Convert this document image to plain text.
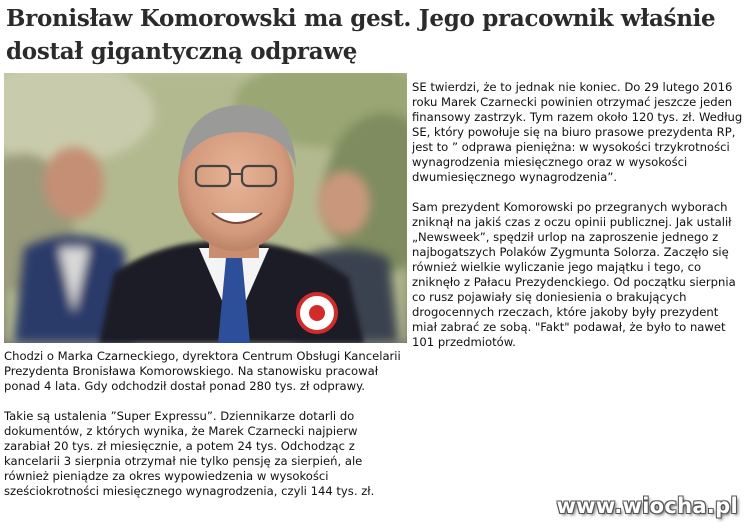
Bronisław Komorowski ma gest. Jego pracownik właśnie dostał gigantyczną odprawę

SE twierdzi, że to jednak nie koniec. Do 29 lutego 2016 roku Marek Czarnecki powinien otrzymać jeszcze jeden finansowy zastrzyk. Tym razem około 120 tys. zł. Według SE, który powołuje się na biuro prasowe prezydenta RP, jest to ” odprawa pieniężna: w wysokości trzykrotności wynagrodzenia miesięcznego oraz w wysokości dwumiesięcznego wynagrodzenia”.

Sam prezydent Komorowski po przegranych wyborach zniknął na jakiś czas z oczu opinii publicznej. Jak ustalił „Newsweek”, spędził urlop na zaproszenie jednego z najbogatszych Polaków Zygmunta Solorza. Zaczęło się również wielkie wyliczanie jego majątku i tego, co zniknęło z Pałacu Prezydenckiego. Od początku sierpnia co rusz pojawiały się doniesienia o brakujących drogocennych rzeczach, które jakoby były prezydent miał zabrać ze sobą. "Fakt" podawał, że było to nawet 101 przedmiotów.

Chodzi o Marka Czarneckiego, dyrektora Centrum Obsługi Kancelarii Prezydenta Bronisława Komorowskiego. Na stanowisku pracował ponad 4 lata. Gdy odchodził dostał ponad 280 tys. zł odprawy.

Takie są ustalenia ”Super Expressu”. Dziennikarze dotarli do dokumentów, z których wynika, że Marek Czarnecki najpierw zarabiał 20 tys. zł miesięcznie, a potem 24 tys. Odchodząc z kancelarii 3 sierpnia otrzymał nie tylko pensję za sierpień, ale również pieniądze za okres wypowiedzenia w wysokości sześciokrotności miesięcznego wynagrodzenia, czyli 144 tys. zł.

www.wiocha.pl
